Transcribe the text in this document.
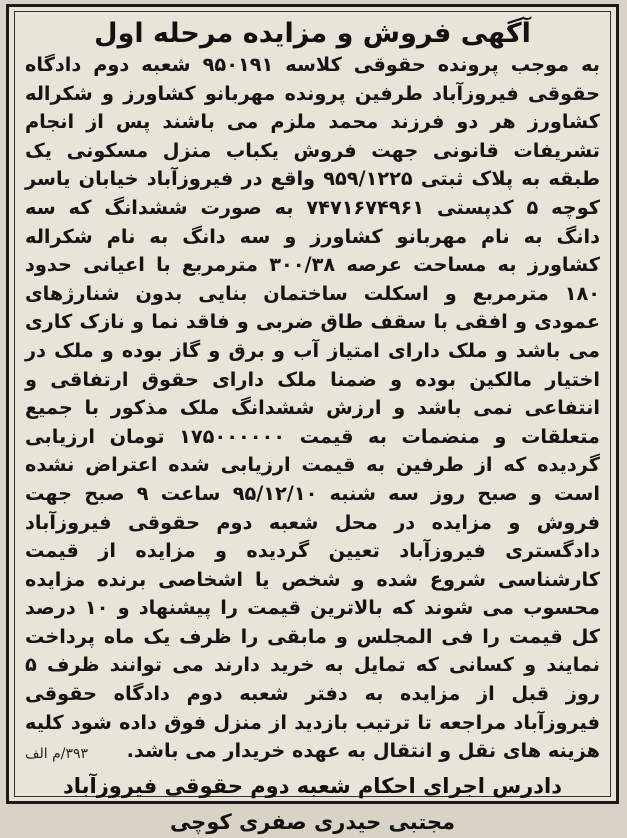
آگهی فروش و مزایده مرحله اول

به موجب پرونده حقوقی کلاسه ۹۵۰۱۹۱ شعبه دوم دادگاه حقوقی فیروزآباد طرفین پرونده مهربانو کشاورز و شکراله کشاورز هر دو فرزند محمد ملزم می باشند پس از انجام تشریفات قانونی جهت فروش یکباب منزل مسکونی یک طبقه به پلاک ثبتی ۹۵۹/۱۲۲۵ واقع در فیروزآباد خیابان یاسر کوچه ۵ کدپستی ۷۴۷۱۶۷۴۹۶۱ به صورت ششدانگ که سه دانگ به نام مهربانو کشاورز و سه دانگ به نام شکراله کشاورز به مساحت عرصه ۳۰۰/۳۸ مترمربع با اعیانی حدود ۱۸۰ مترمربع و اسکلت ساختمان بنایی بدون شنارژهای عمودی و افقی با سقف طاق ضربی و فاقد نما و نازک کاری می باشد و ملک دارای امتیاز آب و برق و گاز بوده و ملک در اختیار مالکین بوده و ضمنا ملک دارای حقوق ارتفاقی و انتفاعی نمی باشد و ارزش ششدانگ ملک مذکور با جمیع متعلقات و منضمات به قیمت ۱۷۵۰۰۰۰۰۰ تومان ارزیابی گردیده که از طرفین به قیمت ارزیابی شده اعتراض نشده است و صبح روز سه شنبه ۹۵/۱۲/۱۰ ساعت ۹ صبح جهت فروش و مزایده در محل شعبه دوم حقوقی فیروزآباد دادگستری فیروزآباد تعیین گردیده و مزایده از قیمت کارشناسی شروع شده و شخص یا اشخاصی برنده مزایده محسوب می شوند که بالاترین قیمت را پیشنهاد و ۱۰ درصد کل قیمت را فی المجلس و مابقی را ظرف یک ماه پرداخت نمایند و کسانی که تمایل به خرید دارند می توانند ظرف ۵ روز قبل از مزایده به دفتر شعبه دوم دادگاه حقوقی فیروزآباد مراجعه تا ترتیب بازدید از منزل فوق داده شود کلیه هزینه های نقل و انتقال به عهده خریدار می باشد.
۳۹۳/م الف

دادرس اجرای احکام شعبه دوم حقوقی فیروزآباد
مجتبی حیدری صفری کوچی
